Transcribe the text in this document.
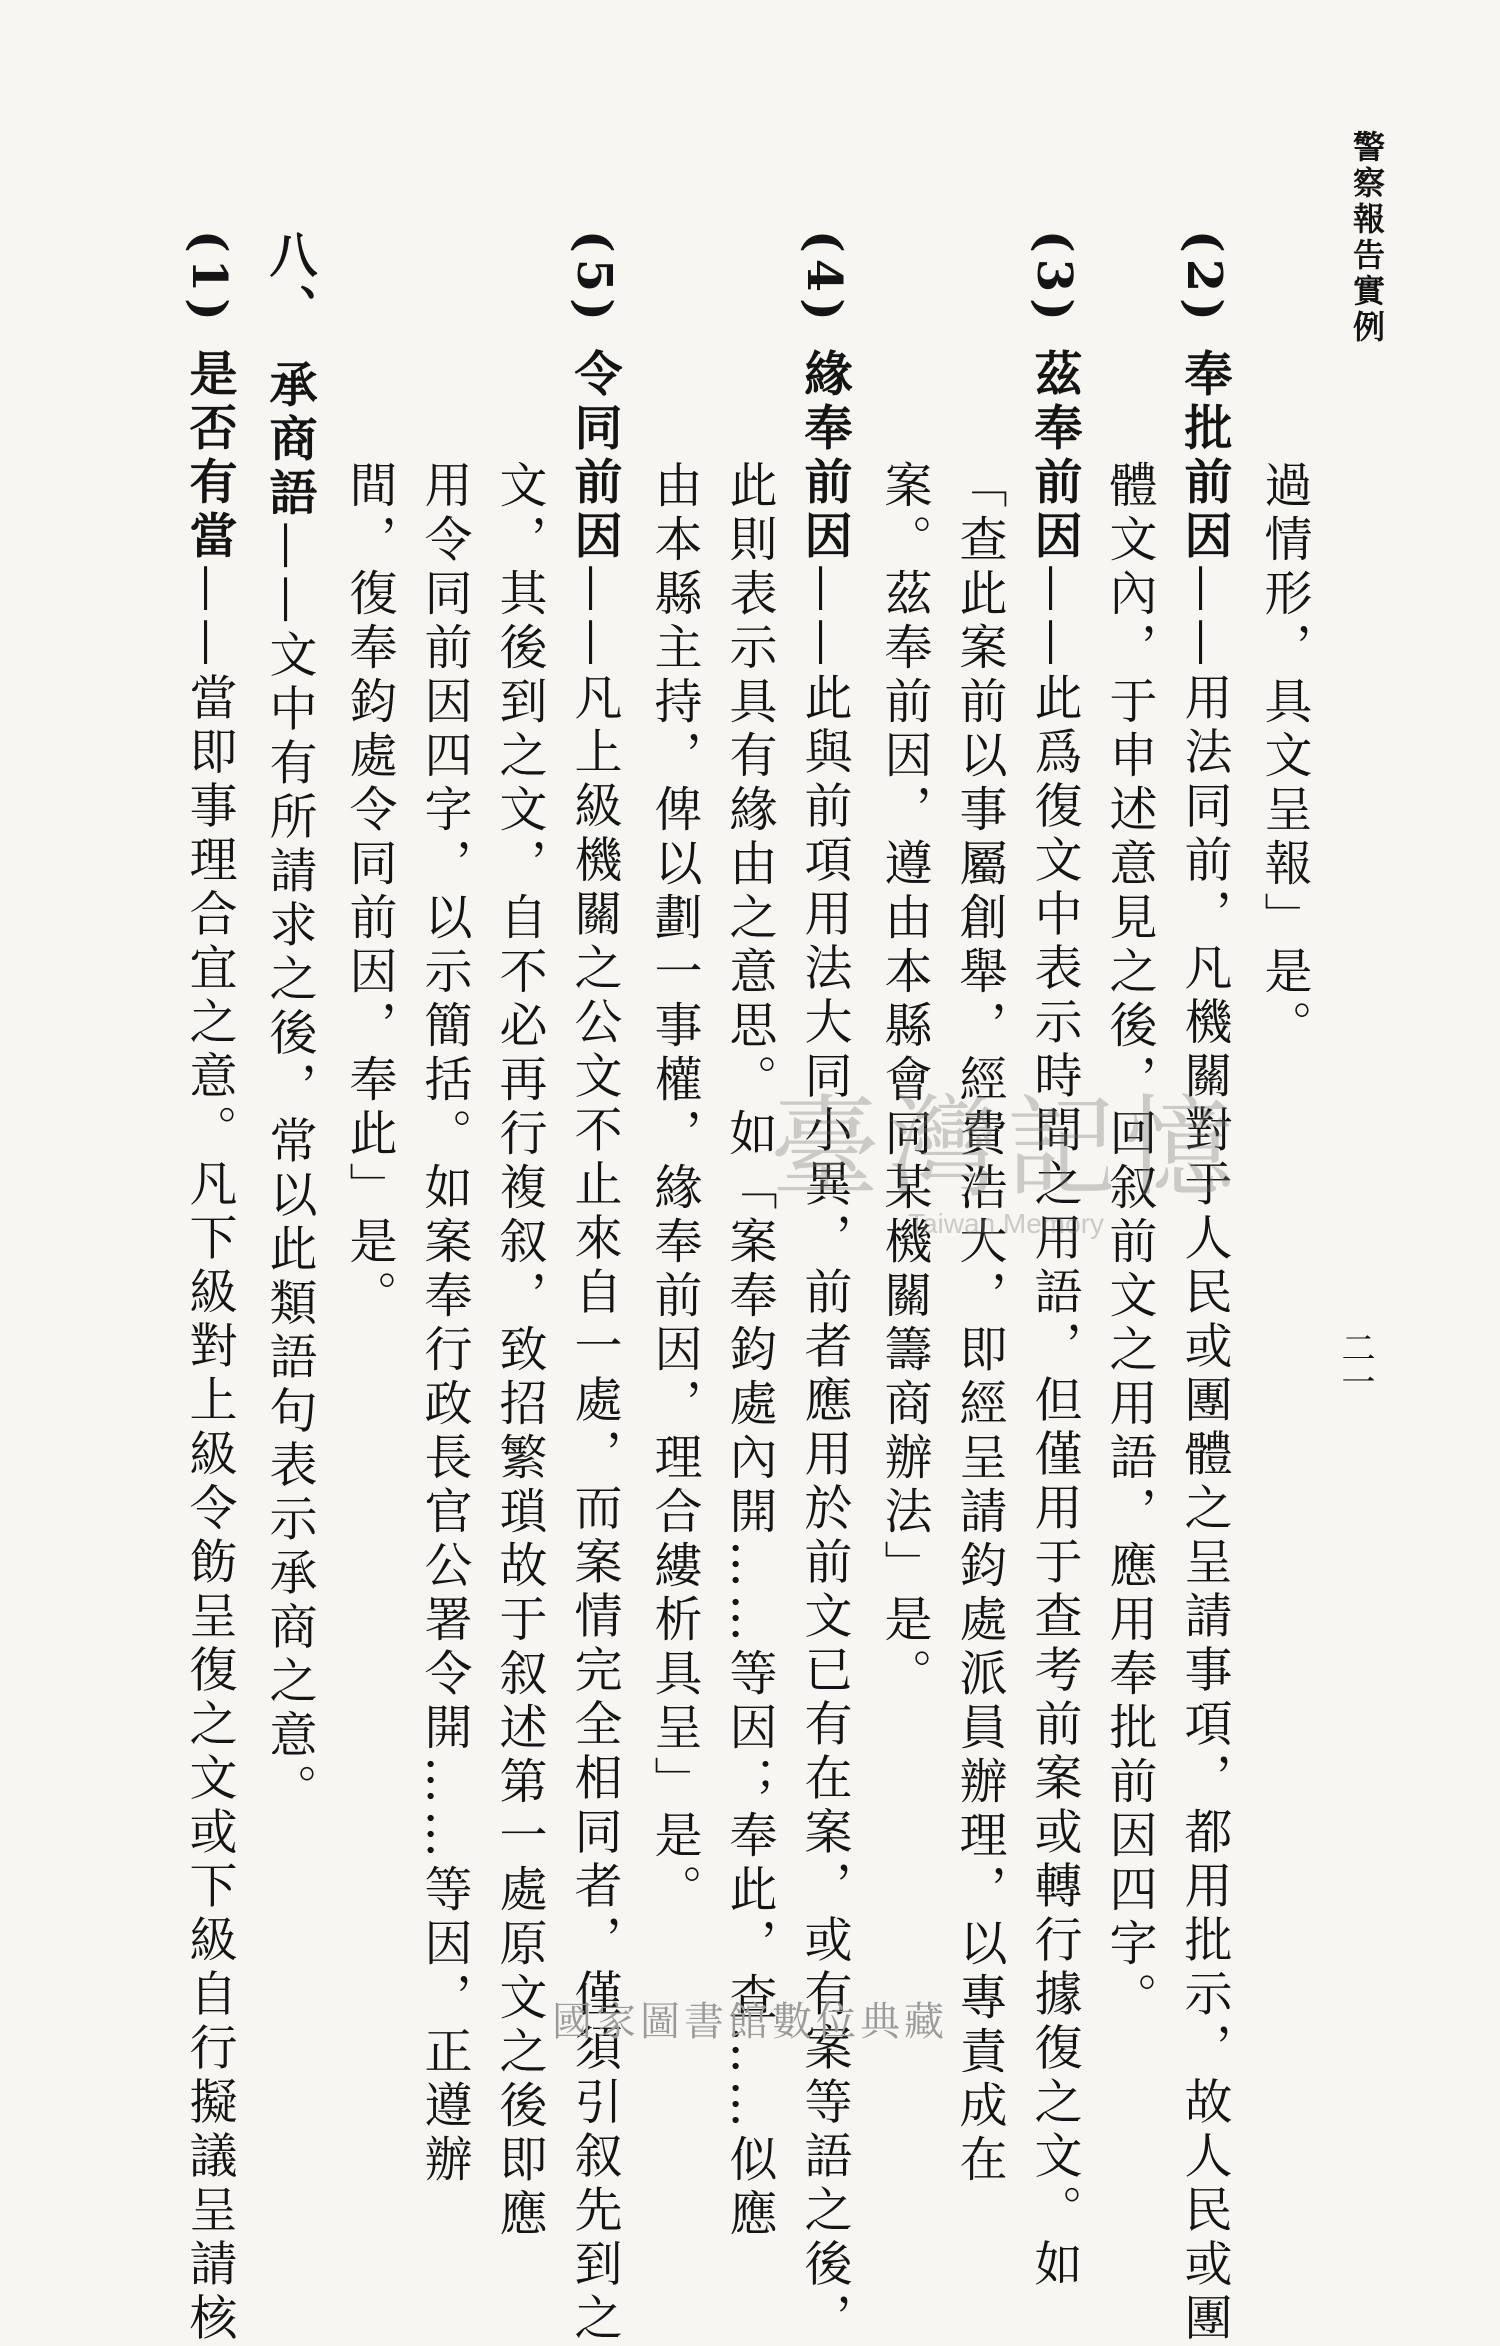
警察報告實例
二一
過情形，具文呈報」是。
(2) 奉批前因——用法同前，凡機關對于人民或團體之呈請事項，都用批示，故人民或團
體文內，于申述意見之後，回叙前文之用語，應用奉批前因四字。
(3) 茲奉前因——此爲復文中表示時間之用語，但僅用于查考前案或轉行據復之文。如
「查此案前以事屬創舉，經費浩大，即經呈請鈞處派員辦理，以專責成在
案。茲奉前因，遵由本縣會同某機關籌商辦法」是。
(4) 緣奉前因——此與前項用法大同小異，前者應用於前文已有在案，或有案等語之後，
此則表示具有緣由之意思。如「案奉鈞處內開……等因；奉此，查……似應
由本縣主持，俾以劃一事權，緣奉前因，理合縷析具呈」是。
(5) 令同前因——凡上級機關之公文不止來自一處，而案情完全相同者，僅須引叙先到之
文，其後到之文，自不必再行複叙，致招繁瑣故于叙述第一處原文之後即應
用令同前因四字，以示簡括。如案奉行政長官公署令開……等因，正遵辦
間，復奉鈞處令同前因，奉此」是。
八、 承商語——文中有所請求之後，常以此類語句表示承商之意。
(1) 是否有當——當即事理合宜之意。凡下級對上級令飭呈復之文或下級自行擬議呈請核	臺灣記憶
Taiwan Memory
國家圖書館數位典藏
